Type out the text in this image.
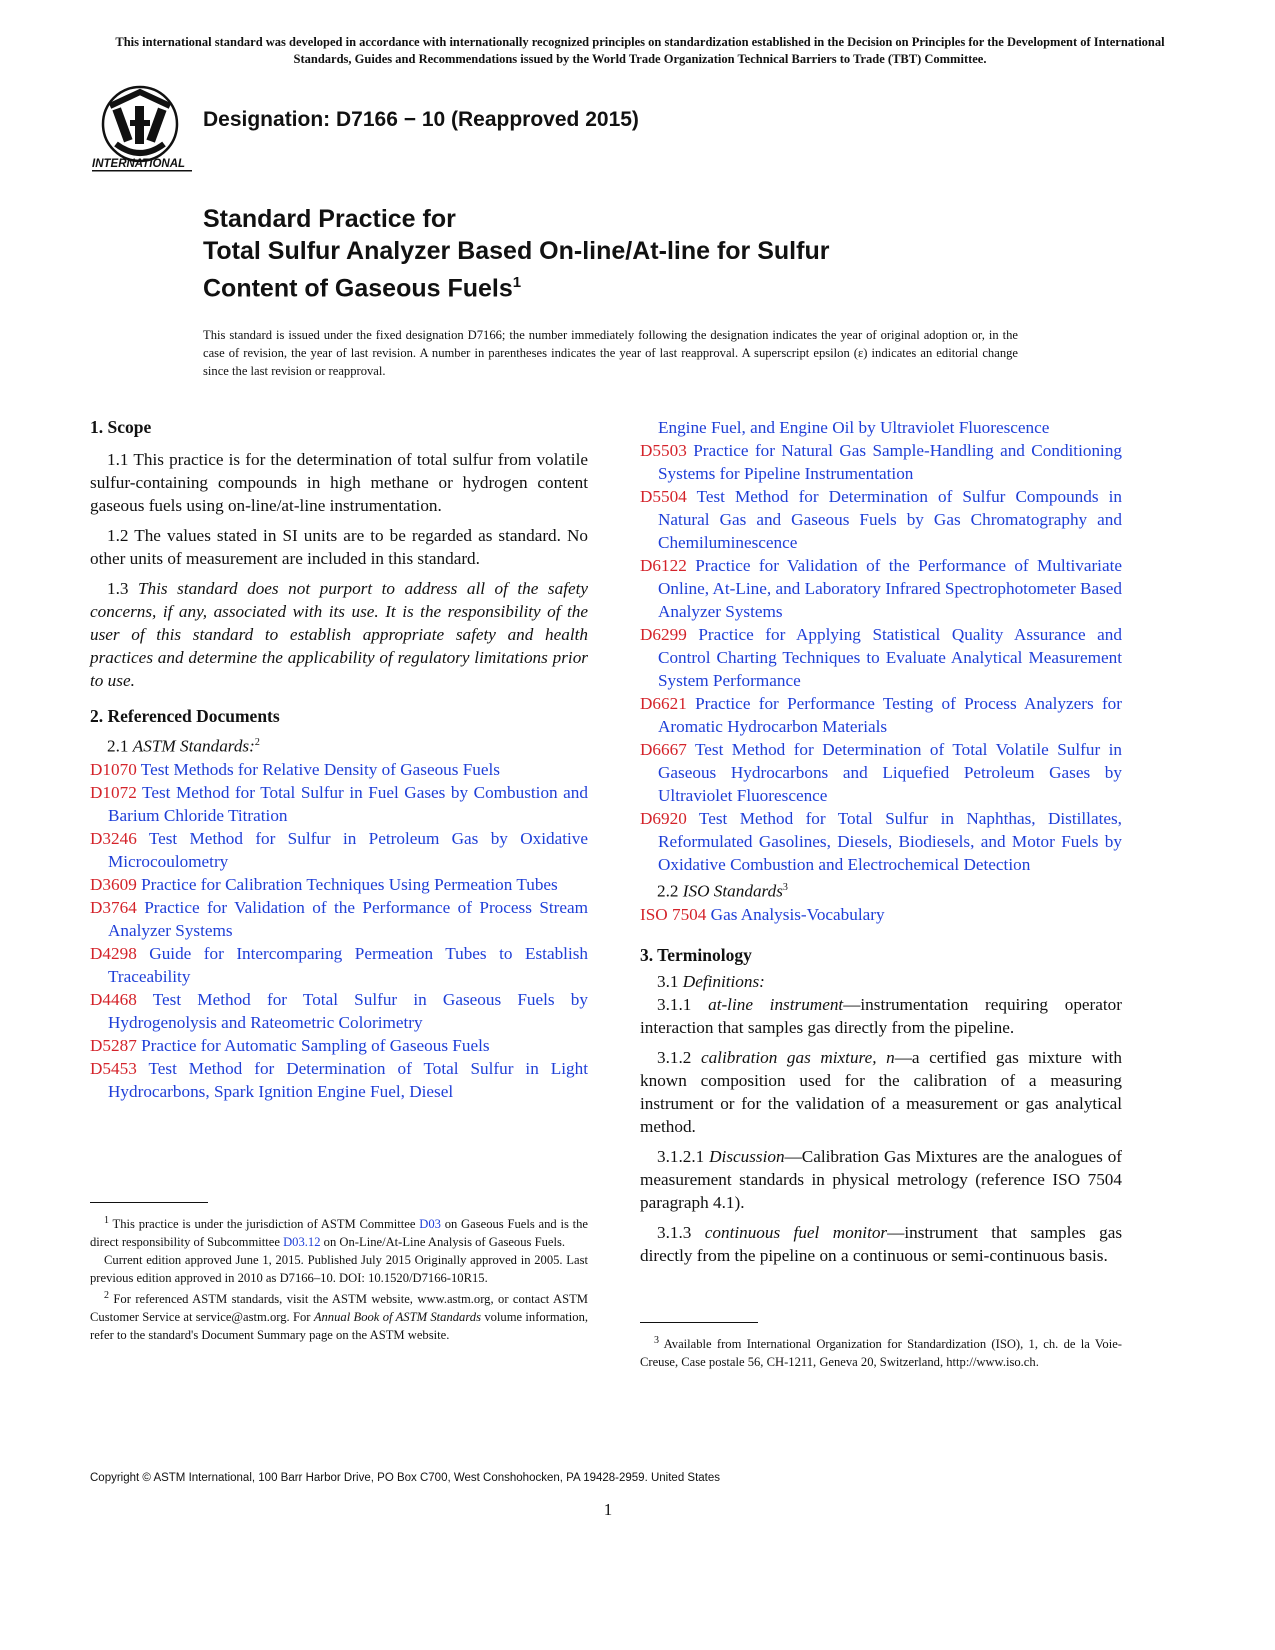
This international standard was developed in accordance with internationally recognized principles on standardization established in the Decision on Principles for the Development of International Standards, Guides and Recommendations issued by the World Trade Organization Technical Barriers to Trade (TBT) Committee.
INTERNATIONAL
Designation: D7166 − 10 (Reapproved 2015)
Standard Practice for
Total Sulfur Analyzer Based On-line/At-line for Sulfur
Content of Gaseous Fuels$^1$
This standard is issued under the fixed designation D7166; the number immediately following the designation indicates the year of original adoption or, in the case of revision, the year of last revision. A number in parentheses indicates the year of last reapproval. A superscript epsilon (ε) indicates an editorial change since the last revision or reapproval.
1. Scope

1.1 This practice is for the determination of total sulfur from volatile sulfur-containing compounds in high methane or hydrogen content gaseous fuels using on-line/at-line instrumentation.

1.2 The values stated in SI units are to be regarded as standard. No other units of measurement are included in this standard.

1.3 This standard does not purport to address all of the safety concerns, if any, associated with its use. It is the responsibility of the user of this standard to establish appropriate safety and health practices and determine the applicability of regulatory limitations prior to use.

2. Referenced Documents

2.1 ASTM Standards:$^2$

D1070 Test Methods for Relative Density of Gaseous Fuels

D1072 Test Method for Total Sulfur in Fuel Gases by Combustion and Barium Chloride Titration

D3246 Test Method for Sulfur in Petroleum Gas by Oxidative Microcoulometry

D3609 Practice for Calibration Techniques Using Permeation Tubes

D3764 Practice for Validation of the Performance of Process Stream Analyzer Systems

D4298 Guide for Intercomparing Permeation Tubes to Establish Traceability

D4468 Test Method for Total Sulfur in Gaseous Fuels by Hydrogenolysis and Rateometric Colorimetry

D5287 Practice for Automatic Sampling of Gaseous Fuels

D5453 Test Method for Determination of Total Sulfur in Light Hydrocarbons, Spark Ignition Engine Fuel, Diesel

Engine Fuel, and Engine Oil by Ultraviolet Fluorescence

D5503 Practice for Natural Gas Sample-Handling and Conditioning Systems for Pipeline Instrumentation

D5504 Test Method for Determination of Sulfur Compounds in Natural Gas and Gaseous Fuels by Gas Chromatography and Chemiluminescence

D6122 Practice for Validation of the Performance of Multivariate Online, At-Line, and Laboratory Infrared Spectrophotometer Based Analyzer Systems

D6299 Practice for Applying Statistical Quality Assurance and Control Charting Techniques to Evaluate Analytical Measurement System Performance

D6621 Practice for Performance Testing of Process Analyzers for Aromatic Hydrocarbon Materials

D6667 Test Method for Determination of Total Volatile Sulfur in Gaseous Hydrocarbons and Liquefied Petroleum Gases by Ultraviolet Fluorescence

D6920 Test Method for Total Sulfur in Naphthas, Distillates, Reformulated Gasolines, Diesels, Biodiesels, and Motor Fuels by Oxidative Combustion and Electrochemical Detection

2.2 ISO Standards$^3$

ISO 7504 Gas Analysis-Vocabulary

3. Terminology

3.1 Definitions:

3.1.1 at-line instrument—instrumentation requiring operator interaction that samples gas directly from the pipeline.

3.1.2 calibration gas mixture, n—a certified gas mixture with known composition used for the calibration of a measuring instrument or for the validation of a measurement or gas analytical method.

3.1.2.1 Discussion—Calibration Gas Mixtures are the analogues of measurement standards in physical metrology (reference ISO 7504 paragraph 4.1).

3.1.3 continuous fuel monitor—instrument that samples gas directly from the pipeline on a continuous or semi-continuous basis.

$^1$ This practice is under the jurisdiction of ASTM Committee D03 on Gaseous Fuels and is the direct responsibility of Subcommittee D03.12 on On-Line/At-Line Analysis of Gaseous Fuels.

Current edition approved June 1, 2015. Published July 2015 Originally approved in 2005. Last previous edition approved in 2010 as D7166–10. DOI: 10.1520/D7166-10R15.

$^2$ For referenced ASTM standards, visit the ASTM website, www.astm.org, or contact ASTM Customer Service at service@astm.org. For Annual Book of ASTM Standards volume information, refer to the standard's Document Summary page on the ASTM website.	$^3$ Available from International Organization for Standardization (ISO), 1, ch. de la Voie-Creuse, Case postale 56, CH-1211, Geneva 20, Switzerland, http://www.iso.ch.

Copyright © ASTM International, 100 Barr Harbor Drive, PO Box C700, West Conshohocken, PA 19428-2959. United States
1
